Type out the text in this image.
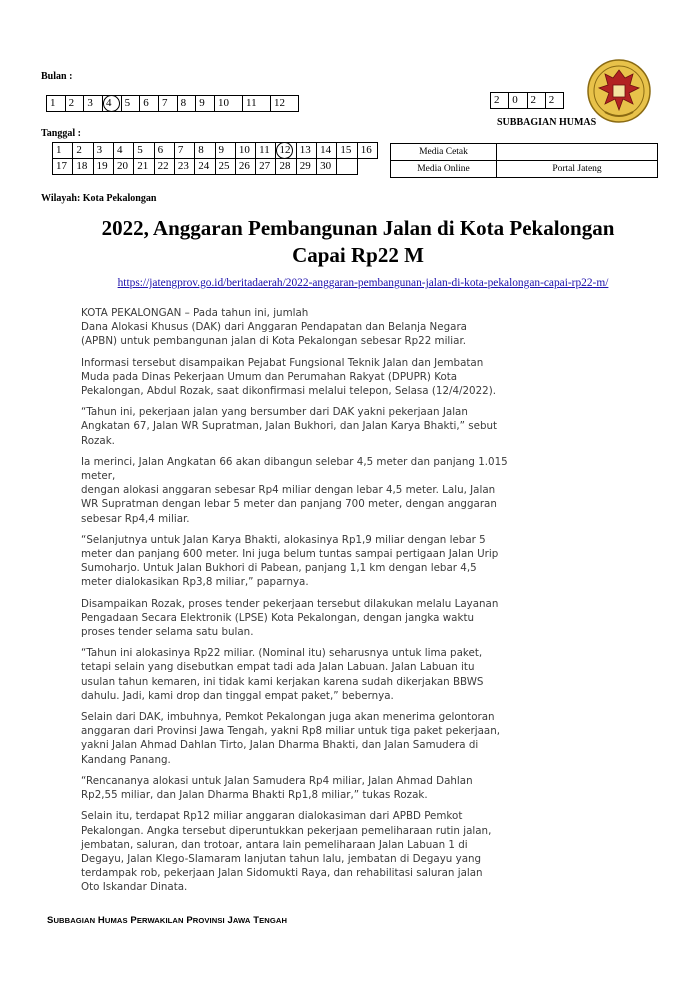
Bulan :
1	2	3	4	5	6	7	8	9	10	11	12	2	0	2	2
SUBBAGIAN HUMAS
Tanggal :
1	2	3	4	5	6	7	8	9	10	11	12	13	14	15	16
17	18	19	20	21	22	23	24	25	26	27	28	29	30		
Media Cetak	
Media Online	Portal Jateng
Wilayah: Kota Pekalongan
2022, Anggaran Pembangunan Jalan di Kota Pekalongan
Capai Rp22 M
https://jatengprov.go.id/beritadaerah/2022-anggaran-pembangunan-jalan-di-kota-pekalongan-capai-rp22-m/

KOTA PEKALONGAN – Pada tahun ini, jumlah
Dana Alokasi Khusus (DAK) dari Anggaran Pendapatan dan Belanja Negara
(APBN) untuk pembangunan jalan di Kota Pekalongan sebesar Rp22 miliar.

Informasi tersebut disampaikan Pejabat Fungsional Teknik Jalan dan Jembatan
Muda pada Dinas Pekerjaan Umum dan Perumahan Rakyat (DPUPR) Kota
Pekalongan, Abdul Rozak, saat dikonfirmasi melalui telepon, Selasa (12/4/2022).

“Tahun ini, pekerjaan jalan yang bersumber dari DAK yakni pekerjaan Jalan
Angkatan 67, Jalan WR Supratman, Jalan Bukhori, dan Jalan Karya Bhakti,” sebut
Rozak.

Ia merinci, Jalan Angkatan 66 akan dibangun selebar 4,5 meter dan panjang 1.015
meter,
dengan alokasi anggaran sebesar Rp4 miliar dengan lebar 4,5 meter. Lalu, Jalan
WR Supratman dengan lebar 5 meter dan panjang 700 meter, dengan anggaran
sebesar Rp4,4 miliar.

“Selanjutnya untuk Jalan Karya Bhakti, alokasinya Rp1,9 miliar dengan lebar 5
meter dan panjang 600 meter. Ini juga belum tuntas sampai pertigaan Jalan Urip
Sumoharjo. Untuk Jalan Bukhori di Pabean, panjang 1,1 km dengan lebar 4,5
meter dialokasikan Rp3,8 miliar,” paparnya.

Disampaikan Rozak, proses tender pekerjaan tersebut dilakukan melalu Layanan
Pengadaan Secara Elektronik (LPSE) Kota Pekalongan, dengan jangka waktu
proses tender selama satu bulan.

“Tahun ini alokasinya Rp22 miliar. (Nominal itu) seharusnya untuk lima paket,
tetapi selain yang disebutkan empat tadi ada Jalan Labuan. Jalan Labuan itu
usulan tahun kemaren, ini tidak kami kerjakan karena sudah dikerjakan BBWS
dahulu. Jadi, kami drop dan tinggal empat paket,” bebernya.

Selain dari DAK, imbuhnya, Pemkot Pekalongan juga akan menerima gelontoran
anggaran dari Provinsi Jawa Tengah, yakni Rp8 miliar untuk tiga paket pekerjaan,
yakni Jalan Ahmad Dahlan Tirto, Jalan Dharma Bhakti, dan Jalan Samudera di
Kandang Panang.

“Rencananya alokasi untuk Jalan Samudera Rp4 miliar, Jalan Ahmad Dahlan
Rp2,55 miliar, dan Jalan Dharma Bhakti Rp1,8 miliar,” tukas Rozak.

Selain itu, terdapat Rp12 miliar anggaran dialokasiman dari APBD Pemkot
Pekalongan. Angka tersebut diperuntukkan pekerjaan pemeliharaan rutin jalan,
jembatan, saluran, dan trotoar, antara lain pemeliharaan Jalan Labuan 1 di
Degayu, Jalan Klego-Slamaram lanjutan tahun lalu, jembatan di Degayu yang
terdampak rob, pekerjaan Jalan Sidomukti Raya, dan rehabilitasi saluran jalan
Oto Iskandar Dinata.

SUBBAGIAN HUMAS PERWAKILAN PROVINSI JAWA TENGAH
